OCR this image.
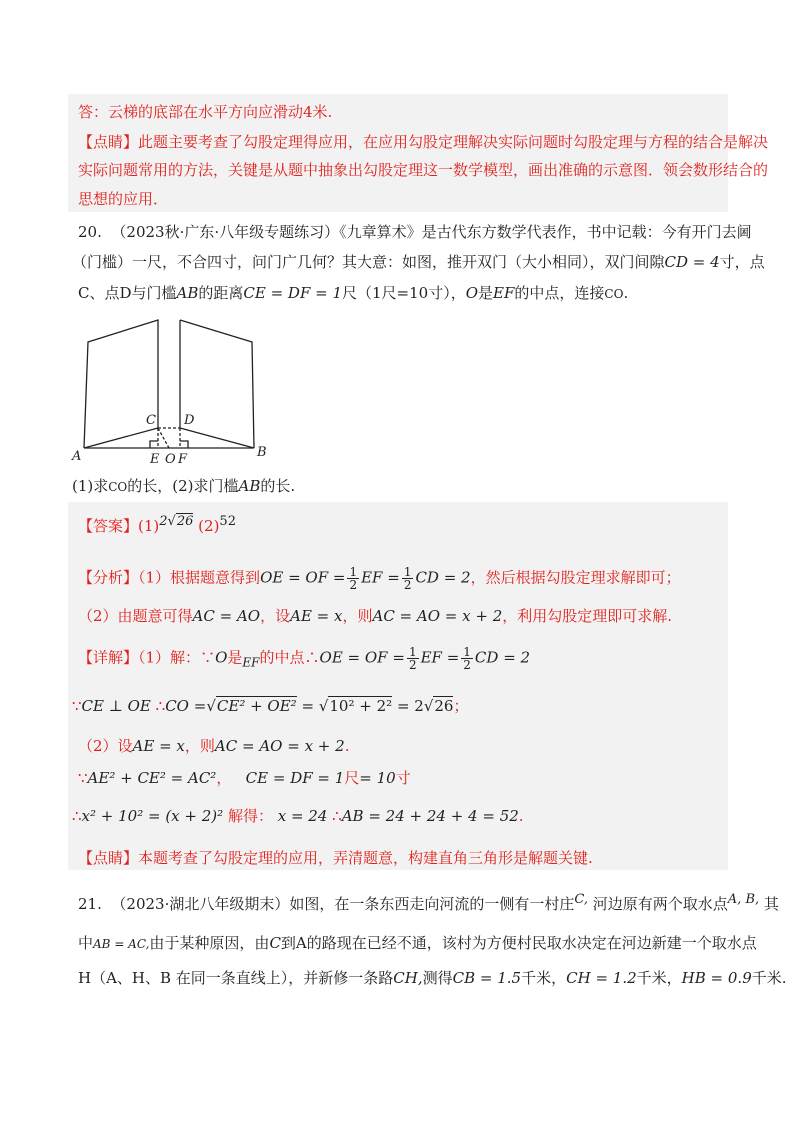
答：云梯的底部在水平方向应滑动4米.
【点睛】此题主要考查了勾股定理得应用，在应用勾股定理解决实际问题时勾股定理与方程的结合是解决
实际问题常用的方法，关键是从题中抽象出勾股定理这一数学模型，画出准确的示意图．领会数形结合的
思想的应用．
20. （2023秋·广东·八年级专题练习）《九章算术》是古代东方数学代表作，书中记载：今有开门去阃
（门槛）一尺，不合四寸，问门广几何？其大意：如图，推开双门（大小相同），双门间隙CD = 4寸，点
C、点D与门槛AB的距离CE = DF = 1尺（1尺=10寸），O是EF的中点，连接CO.
A	B
C D
E O F
(1)求CO的长，(2)求门槛AB的长.
【答案】(1)2√26 (2)52
【分析】（1）根据题意得到OE = OF = $\frac{1}{2}$ EF = $\frac{1}{2}$ CD = 2，然后根据勾股定理求解即可；
（2）由题意可得AC = AO，设AE = x，则AC = AO = x + 2，利用勾股定理即可求解.
【详解】（1）解：∵O是$_{EF}$的中点∴OE = OF = $\frac{1}{2}$ EF = $\frac{1}{2}$ CD = 2
∵CE ⊥ OE ∴CO =√CE² + OE² = √10² + 2² = 2√26；
（2）设AE = x，则AC = AO = x + 2.
∵AE² + CE² = AC²， CE = DF = 1尺= 10寸
∴x² + 10² = (x + 2)² 解得： x = 24 ∴AB = 24 + 24 + 4 = 52.
【点睛】本题考查了勾股定理的应用，弄清题意，构建直角三角形是解题关键.
21. （2023·湖北八年级期末）如图，在一条东西走向河流的一侧有一村庄C, 河边原有两个取水点A, B, 其
中AB = AC,由于某种原因，由C到A的路现在已经不通，该村为方便村民取水决定在河边新建一个取水点
H（A、H、B 在同一条直线上），并新修一条路CH,测得CB = 1.5千米，CH = 1.2千米，HB = 0.9千米.
